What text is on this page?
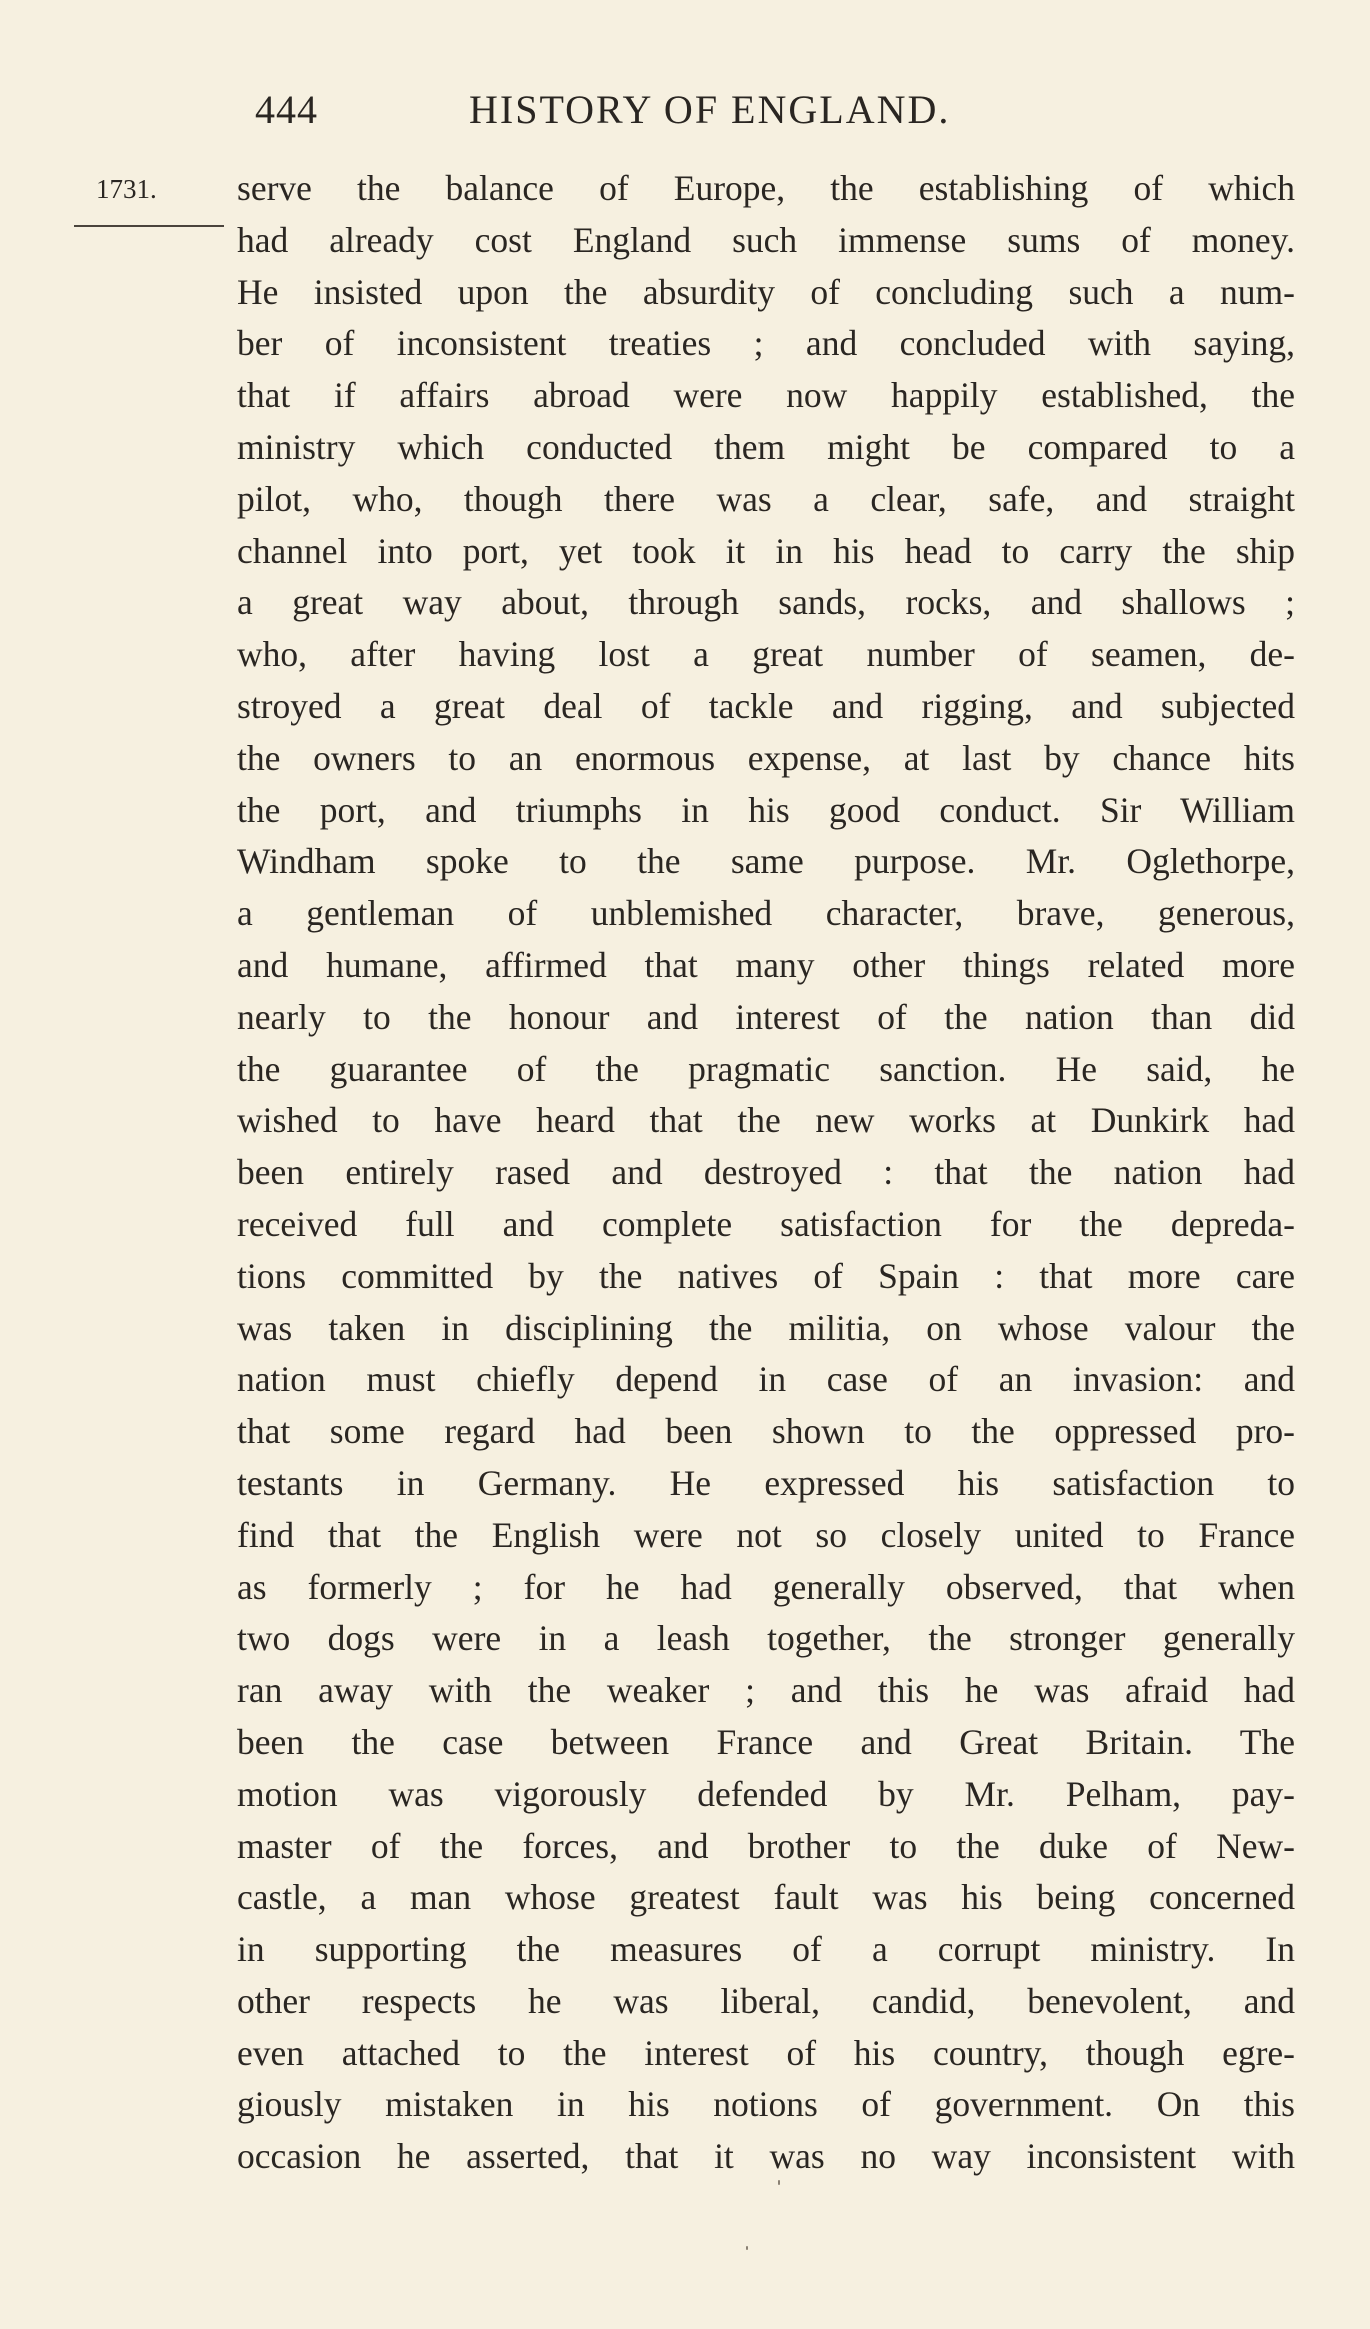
444	HISTORY OF ENGLAND.
1731. serve the balance of Europe, the establishing of which
had already cost England such immense sums of money.
He insisted upon the absurdity of concluding such a num-
ber of inconsistent treaties ; and concluded with saying,
that if affairs abroad were now happily established, the
ministry which conducted them might be compared to a
pilot, who, though there was a clear, safe, and straight
channel into port, yet took it in his head to carry the ship
a great way about, through sands, rocks, and shallows ;
who, after having lost a great number of seamen, de-
stroyed a great deal of tackle and rigging, and subjected
the owners to an enormous expense, at last by chance hits
the port, and triumphs in his good conduct. Sir William
Windham spoke to the same purpose. Mr. Oglethorpe,
a gentleman of unblemished character, brave, generous,
and humane, affirmed that many other things related more
nearly to the honour and interest of the nation than did
the guarantee of the pragmatic sanction. He said, he
wished to have heard that the new works at Dunkirk had
been entirely rased and destroyed : that the nation had
received full and complete satisfaction for the depreda-
tions committed by the natives of Spain : that more care
was taken in disciplining the militia, on whose valour the
nation must chiefly depend in case of an invasion: and
that some regard had been shown to the oppressed pro-
testants in Germany. He expressed his satisfaction to
find that the English were not so closely united to France
as formerly ; for he had generally observed, that when
two dogs were in a leash together, the stronger generally
ran away with the weaker ; and this he was afraid had
been the case between France and Great Britain. The
motion was vigorously defended by Mr. Pelham, pay-
master of the forces, and brother to the duke of New-
castle, a man whose greatest fault was his being concerned
in supporting the measures of a corrupt ministry. In
other respects he was liberal, candid, benevolent, and
even attached to the interest of his country, though egre-
giously mistaken in his notions of government. On this
occasion he asserted, that it was no way inconsistent with
